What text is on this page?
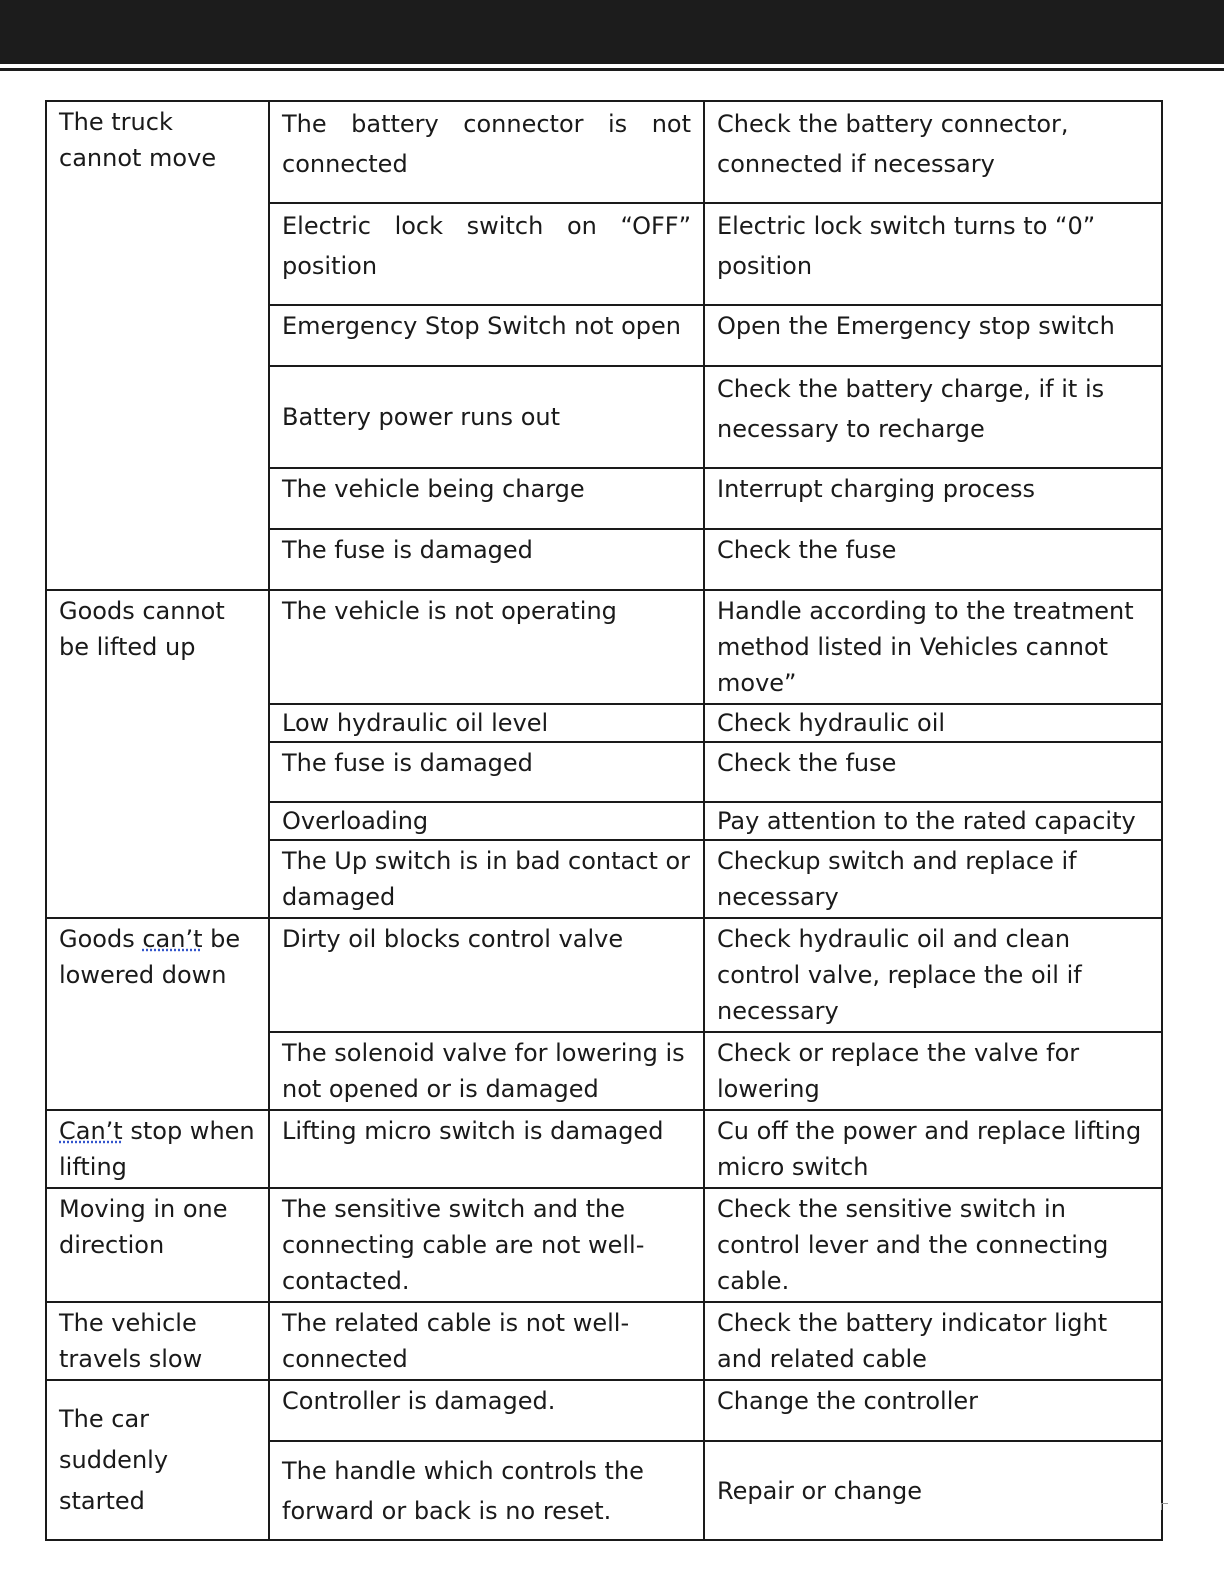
The truck cannot move	The battery connector is not connected	Check the battery connector, connected if necessary
	Electric lock switch on “OFF” position	Electric lock switch turns to “0” position
	Emergency Stop Switch not open	Open the Emergency stop switch
	Battery power runs out	Check the battery charge, if it is necessary to recharge
	The vehicle being charge	Interrupt charging process
	The fuse is damaged	Check the fuse
Goods cannot be lifted up	The vehicle is not operating	Handle according to the treatment method listed in Vehicles cannot move”
	Low hydraulic oil level	Check hydraulic oil
	The fuse is damaged	Check the fuse
	Overloading	Pay attention to the rated capacity
	The Up switch is in bad contact or damaged	Checkup switch and replace if necessary
Goods can’t be lowered down	Dirty oil blocks control valve	Check hydraulic oil and clean control valve, replace the oil if necessary
	The solenoid valve for lowering is not opened or is damaged	Check or replace the valve for lowering
Can’t stop when lifting	Lifting micro switch is damaged	Cu off the power and replace lifting micro switch
Moving in one direction	The sensitive switch and the connecting cable are not well-contacted.	Check the sensitive switch in control lever and the connecting cable.
The vehicle travels slow	The related cable is not well-connected	Check the battery indicator light and related cable
The car suddenly started	Controller is damaged.	Change the controller
	The handle which controls the forward or back is no reset.	Repair or change
